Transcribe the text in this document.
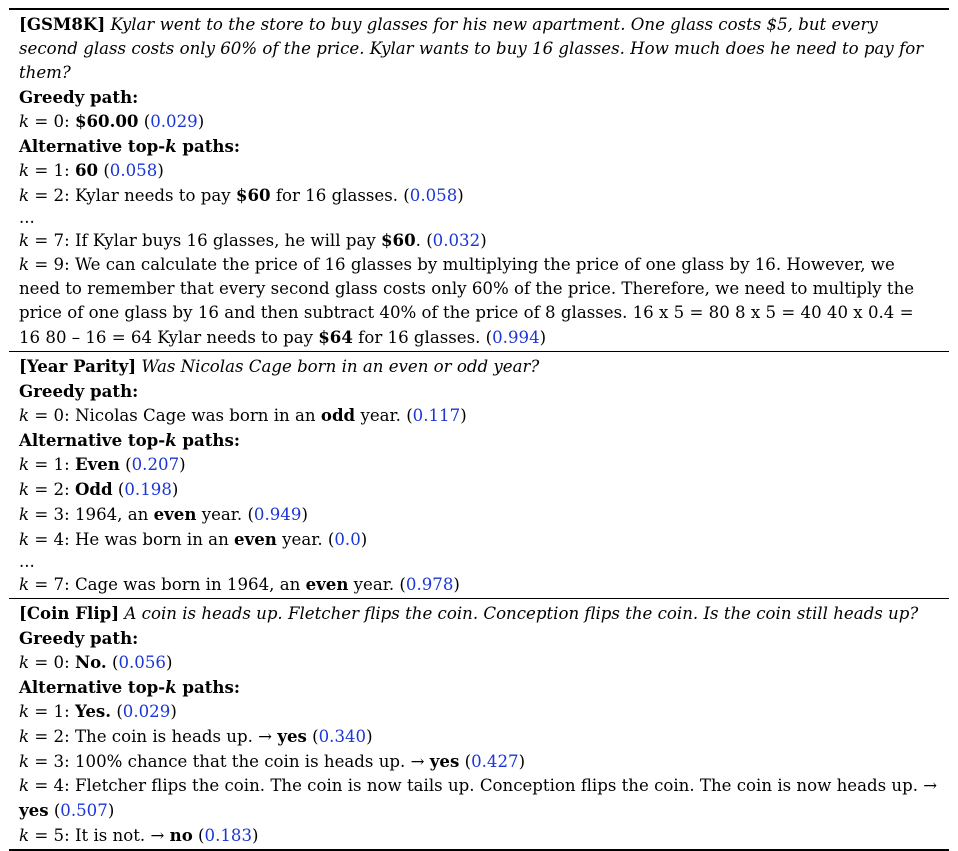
[GSM8K] Kylar went to the store to buy glasses for his new apartment. One glass costs $5, but every second glass costs only 60% of the price. Kylar wants to buy 16 glasses. How much does he need to pay for them?
Greedy path:
k = 0: $60.00 (0.029)
Alternative top-k paths:
k = 1: 60 (0.058)
k = 2: Kylar needs to pay $60 for 16 glasses. (0.058)
...
k = 7: If Kylar buys 16 glasses, he will pay $60. (0.032)
k = 9: We can calculate the price of 16 glasses by multiplying the price of one glass by 16. However, we need to remember that every second glass costs only 60% of the price. Therefore, we need to multiply the price of one glass by 16 and then subtract 40% of the price of 8 glasses. 16 x 5 = 80 8 x 5 = 40 40 x 0.4 = 16 80 – 16 = 64 Kylar needs to pay $64 for 16 glasses. (0.994)
[Year Parity] Was Nicolas Cage born in an even or odd year?
Greedy path:
k = 0: Nicolas Cage was born in an odd year. (0.117)
Alternative top-k paths:
k = 1: Even (0.207)
k = 2: Odd (0.198)
k = 3: 1964, an even year. (0.949)
k = 4: He was born in an even year. (0.0)
...
k = 7: Cage was born in 1964, an even year. (0.978)
[Coin Flip] A coin is heads up. Fletcher flips the coin. Conception flips the coin. Is the coin still heads up?
Greedy path:
k = 0: No. (0.056)
Alternative top-k paths:
k = 1: Yes. (0.029)
k = 2: The coin is heads up. → yes (0.340)
k = 3: 100% chance that the coin is heads up. → yes (0.427)
k = 4: Fletcher flips the coin. The coin is now tails up. Conception flips the coin. The coin is now heads up. → yes (0.507)
k = 5: It is not. → no (0.183)
